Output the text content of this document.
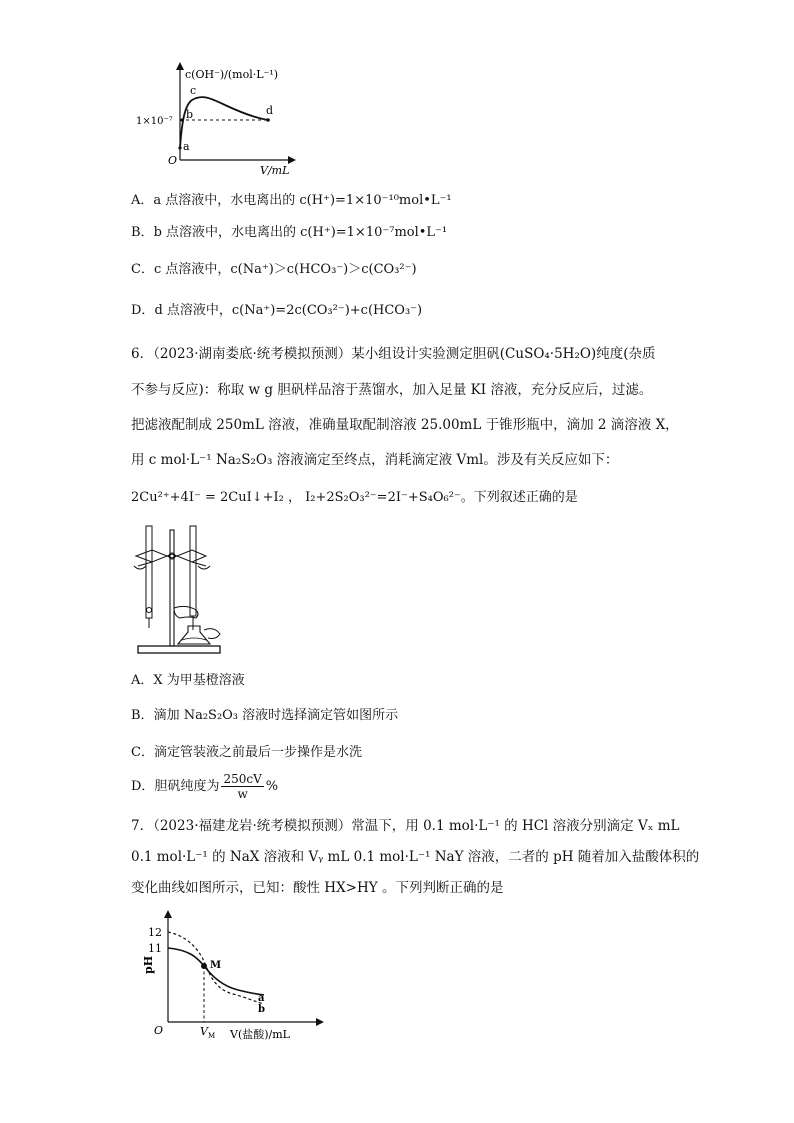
c(OH⁻)/(mol·L⁻¹)
V/mL
O
1×10⁻⁷
a
b
c
d
A．a 点溶液中，水电离出的 c(H⁺)=1×10⁻¹⁰mol•L⁻¹
B．b 点溶液中，水电离出的 c(H⁺)=1×10⁻⁷mol•L⁻¹
C．c 点溶液中，c(Na⁺)＞c(HCO₃⁻)＞c(CO₃²⁻)
D．d 点溶液中，c(Na⁺)=2c(CO₃²⁻)+c(HCO₃⁻)
6．（2023·湖南娄底·统考模拟预测）某小组设计实验测定胆矾(CuSO₄·5H₂O)纯度(杂质
不参与反应)：称取 w g 胆矾样品溶于蒸馏水，加入足量 KI 溶液，充分反应后，过滤。
把滤液配制成 250mL 溶液，准确量取配制溶液 25.00mL 于锥形瓶中，滴加 2 滴溶液 X，
用 c mol·L⁻¹ Na₂S₂O₃ 溶液滴定至终点，消耗滴定液 Vml。涉及有关反应如下：
2Cu²⁺+4I⁻ = 2CuI↓+I₂ ， I₂+2S₂O₃²⁻=2I⁻+S₄O₆²⁻。下列叙述正确的是
A．X 为甲基橙溶液
B．滴加 Na₂S₂O₃ 溶液时选择滴定管如图所示
C．滴定管装液之前最后一步操作是水洗
D．胆矾纯度为 $\frac{250cV}{w}$ %
7．（2023·福建龙岩·统考模拟预测）常温下，用 0.1 mol·L⁻¹ 的 HCl 溶液分别滴定 Vₓ mL
0.1 mol·L⁻¹ 的 NaX 溶液和 Vᵧ mL 0.1 mol·L⁻¹ NaY 溶液，二者的 pH 随着加入盐酸体积的
变化曲线如图所示，已知：酸性 HX>HY 。下列判断正确的是
pH
12
11
O
M
a
b
$V_M$ V(盐酸)/mL
